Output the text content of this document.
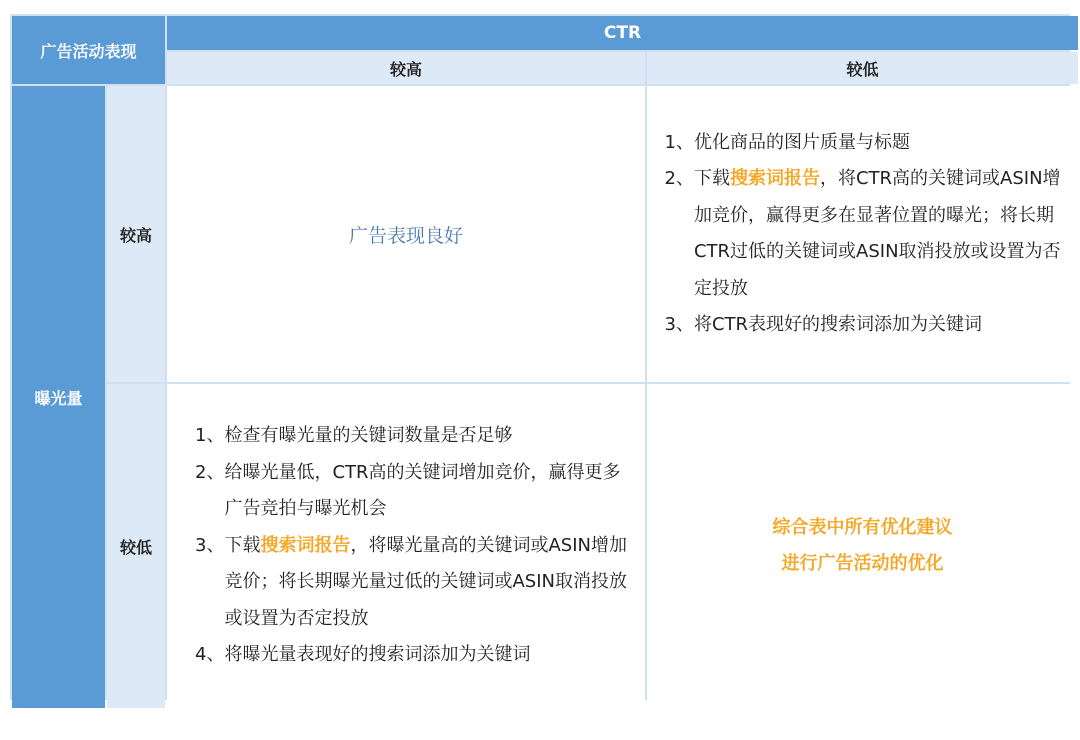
广告活动表现
CTR
较高	较低
曝光量
较高
较低
广告表现良好
1、 优化商品的图片质量与标题
2、 下载搜索词报告，将CTR高的关键词或ASIN增加竞价，赢得更多在显著位置的曝光；将长期CTR过低的关键词或ASIN取消投放或设置为否定投放
3、 将CTR表现好的搜索词添加为关键词
1、 检查有曝光量的关键词数量是否足够
2、 给曝光量低，CTR高的关键词增加竞价，赢得更多广告竞拍与曝光机会
3、 下载搜索词报告，将曝光量高的关键词或ASIN增加竞价；将长期曝光量过低的关键词或ASIN取消投放或设置为否定投放
4、 将曝光量表现好的搜索词添加为关键词
综合表中所有优化建议
进行广告活动的优化
